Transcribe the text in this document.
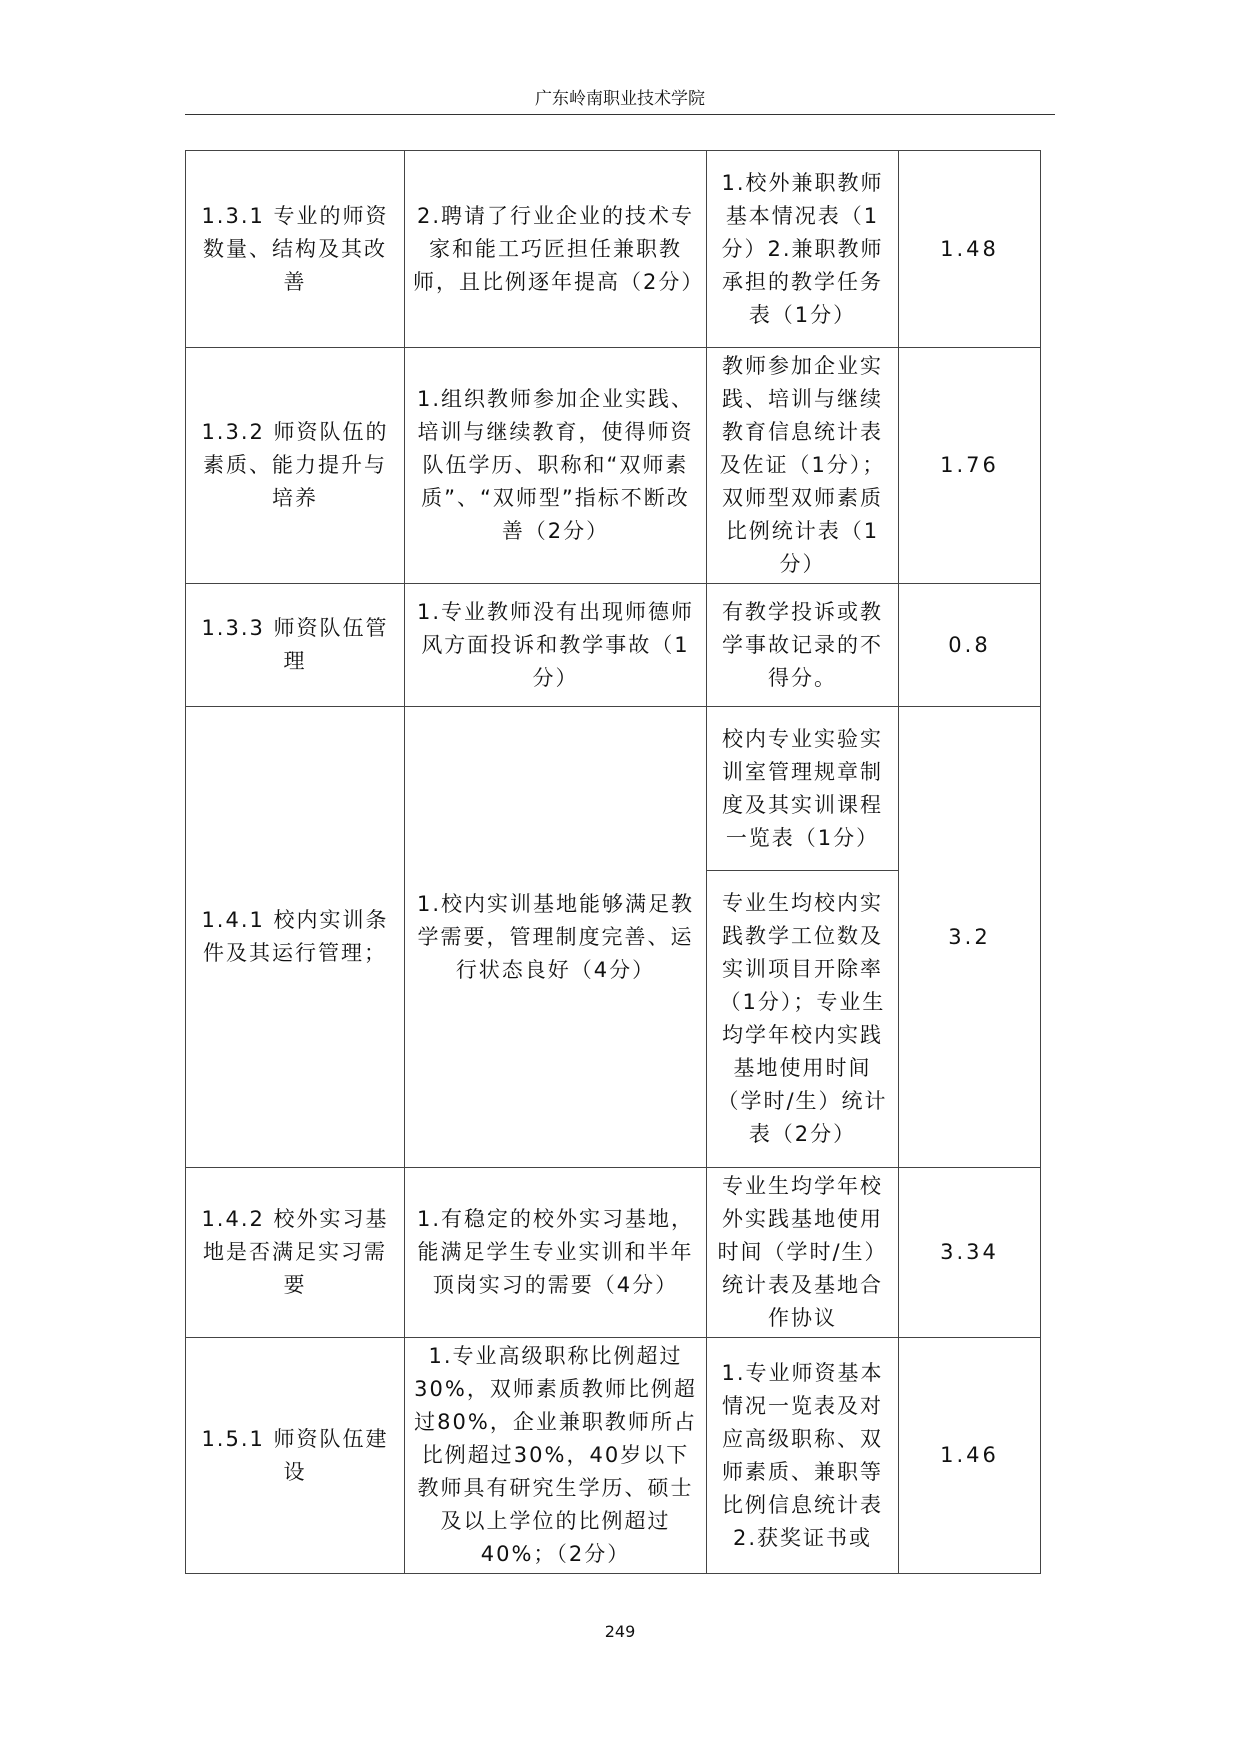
广东岭南职业技术学院
1.3.1 专业的师资数量、结构及其改善	2.聘请了行业企业的技术专家和能工巧匠担任兼职教师，且比例逐年提高（2分）	1.校外兼职教师基本情况表（1分）2.兼职教师承担的教学任务表（1分）	1.48
1.3.2 师资队伍的素质、能力提升与培养	1.组织教师参加企业实践、培训与继续教育，使得师资队伍学历、职称和“双师素质”、“双师型”指标不断改善（2分）	教师参加企业实践、培训与继续教育信息统计表及佐证（1分）；双师型双师素质比例统计表（1分）	1.76
1.3.3 师资队伍管理	1.专业教师没有出现师德师风方面投诉和教学事故（1分）	有教学投诉或教学事故记录的不得分。	0.8
1.4.1 校内实训条件及其运行管理；	1.校内实训基地能够满足教学需要，管理制度完善、运行状态良好（4分）	校内专业实验实训室管理规章制度及其实训课程一览表（1分）	3.2
		专业生均校内实践教学工位数及实训项目开除率（1分）；专业生均学年校内实践基地使用时间（学时/生）统计表（2分）	
1.4.2 校外实习基地是否满足实习需要	1.有稳定的校外实习基地，能满足学生专业实训和半年顶岗实习的需要（4分）	专业生均学年校外实践基地使用时间（学时/生）统计表及基地合作协议	3.34
1.5.1 师资队伍建设	1.专业高级职称比例超过30%，双师素质教师比例超过80%，企业兼职教师所占比例超过30%，40岁以下教师具有研究生学历、硕士及以上学位的比例超过40%；（2分）	1.专业师资基本情况一览表及对应高级职称、双师素质、兼职等比例信息统计表 2.获奖证书或	1.46
249
